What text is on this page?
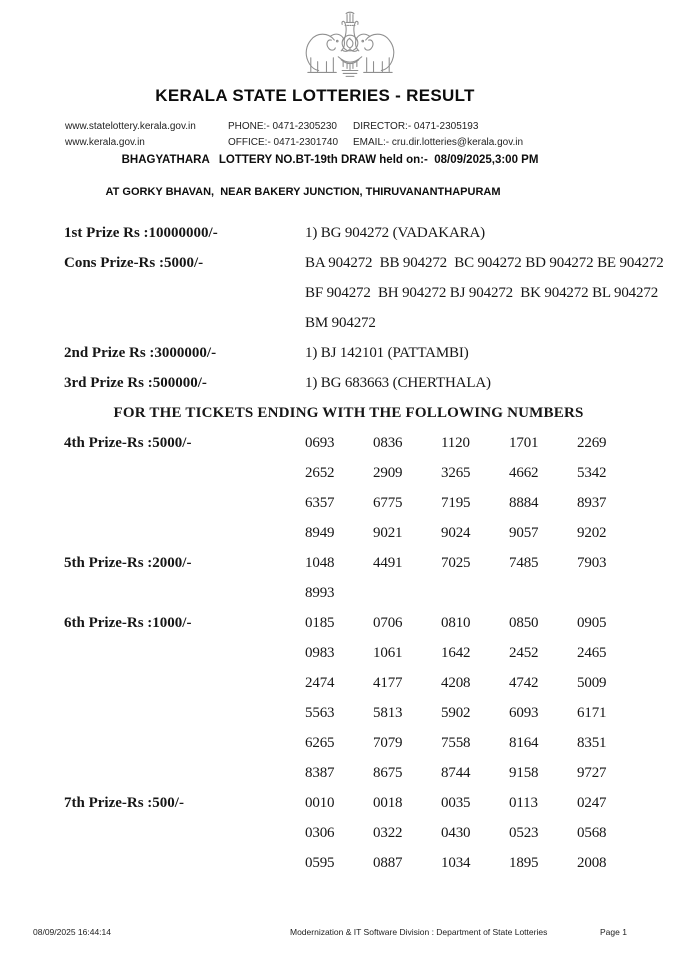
KERALA STATE LOTTERIES - RESULT
www.statelottery.kerala.gov.in	PHONE:- 0471-2305230 DIRECTOR:- 0471-2305193
www.kerala.gov.in	OFFICE:- 0471-2301740 EMAIL:- cru.dir.lotteries@kerala.gov.in
BHAGYATHARA   LOTTERY NO.BT-19th DRAW held on:-  08/09/2025,3:00 PM
AT GORKY BHAVAN,  NEAR BAKERY JUNCTION, THIRUVANANTHAPURAM
1st Prize Rs :10000000/-	1) BG 904272 (VADAKARA)
Cons Prize-Rs :5000/-	BA 904272  BB 904272  BC 904272 BD 904272 BE 904272
BF 904272  BH 904272 BJ 904272  BK 904272 BL 904272
BM 904272
2nd Prize Rs :3000000/-	1) BJ 142101 (PATTAMBI)
3rd Prize Rs :500000/-	1) BG 683663 (CHERTHALA)
FOR THE TICKETS ENDING WITH THE FOLLOWING NUMBERS
4th Prize-Rs :5000/-	0693	0836	1120	1701	2269
2652	2909	3265	4662	5342
6357	6775	7195	8884	8937
8949	9021	9024	9057	9202
5th Prize-Rs :2000/-	1048	4491	7025	7485	7903
8993
6th Prize-Rs :1000/-	0185	0706	0810	0850	0905
0983	1061	1642	2452	2465
2474	4177	4208	4742	5009
5563	5813	5902	6093	6171
6265	7079	7558	8164	8351
8387	8675	8744	9158	9727
7th Prize-Rs :500/-	0010	0018	0035	0113	0247
0306	0322	0430	0523	0568
0595	0887	1034	1895	2008
08/09/2025 16:44:14	Modernization & IT Software Division : Department of State Lotteries	Page 1
